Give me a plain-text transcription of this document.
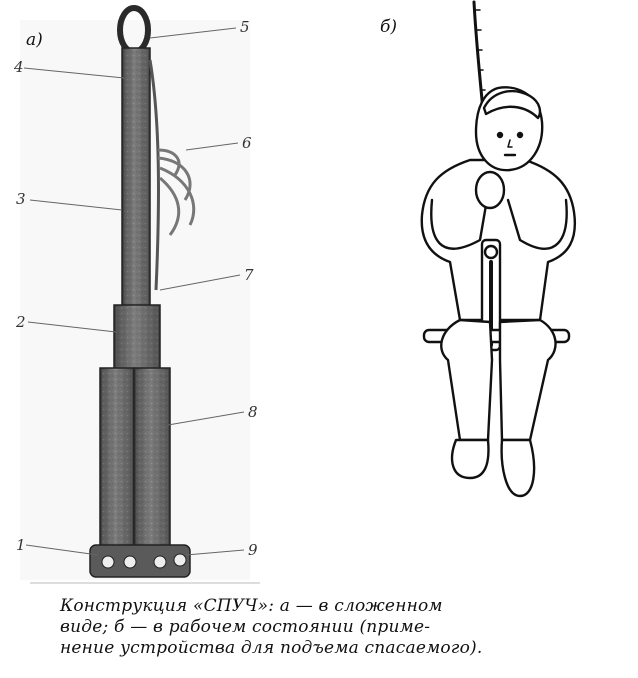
а)
1
2
3
4
5
6
7
8
9
б)
Конструкция «СПУЧ»: а — в сложенном
виде; б — в рабочем состоянии (приме-
нение устройства для подъема спасаемого).
